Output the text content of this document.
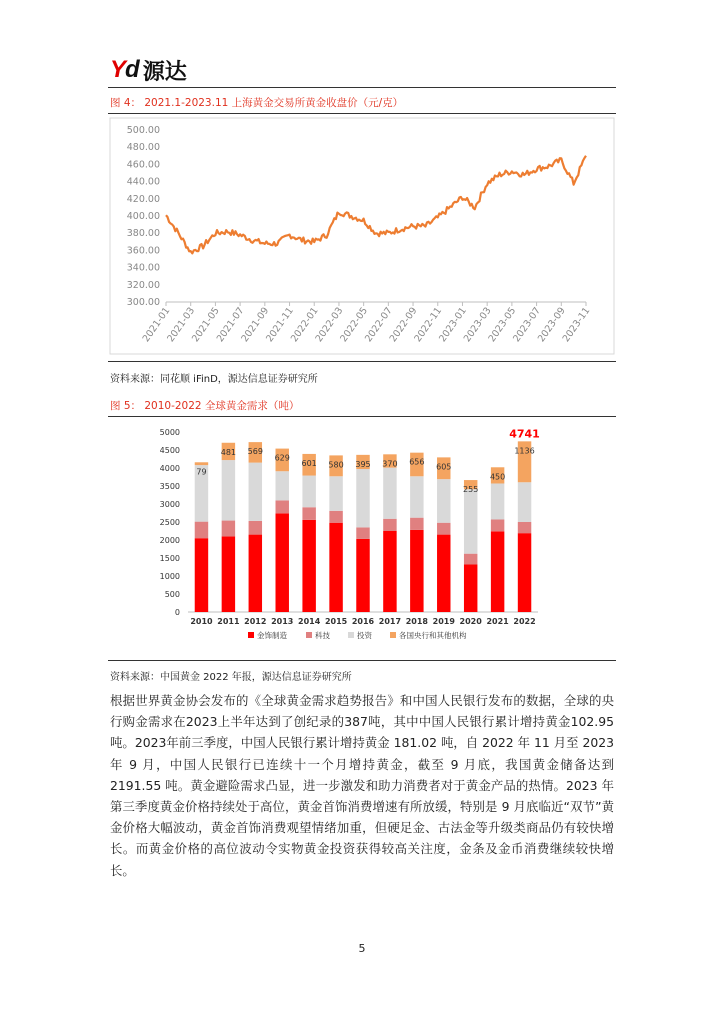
Yd 源达
图 4： 2021.1-2023.11 上海黄金交易所黄金收盘价（元/克）
300.00
320.00
340.00
360.00
380.00
400.00
420.00
440.00
460.00
480.00
500.00
2021-01
2021-03
2021-05
2021-07
2021-09
2021-11
2022-01
2022-03
2022-05
2022-07
2022-09
2022-11
2023-01
2023-03
2023-05
2023-07
2023-09
2023-11
资料来源：同花顺 iFinD，源达信息证券研究所
图 5： 2010-2022 全球黄金需求（吨）
0
500
1000
1500
2000
2500
3000
3500
4000
4500
5000
2010
79
2011
481
2012
569
2013
629
2014
601
2015
580
2016
395
2017
370
2018
656
2019
605
2020
255
2021
450
2022
1136
4741
金饰制造	科技	投资	各国央行和其他机构
资料来源：中国黄金 2022 年报，源达信息证券研究所
根据世界黄金协会发布的《全球黄金需求趋势报告》和中国人民银行发布的数据，全球的央行购金需求在2023上半年达到了创纪录的387吨，其中中国人民银行累计增持黄金102.95吨。2023年前三季度，中国人民银行累计增持黄金 181.02 吨，自 2022 年 11 月至 2023 年 9 月，中国人民银行已连续十一个月增持黄金，截至 9 月底，我国黄金储备达到 2191.55 吨。黄金避险需求凸显，进一步激发和助力消费者对于黄金产品的热情。2023 年第三季度黄金价格持续处于高位，黄金首饰消费增速有所放缓，特别是 9 月底临近“双节”黄金价格大幅波动，黄金首饰消费观望情绪加重，但硬足金、古法金等升级类商品仍有较快增长。而黄金价格的高位波动令实物黄金投资获得较高关注度，金条及金币消费继续较快增长。
5
